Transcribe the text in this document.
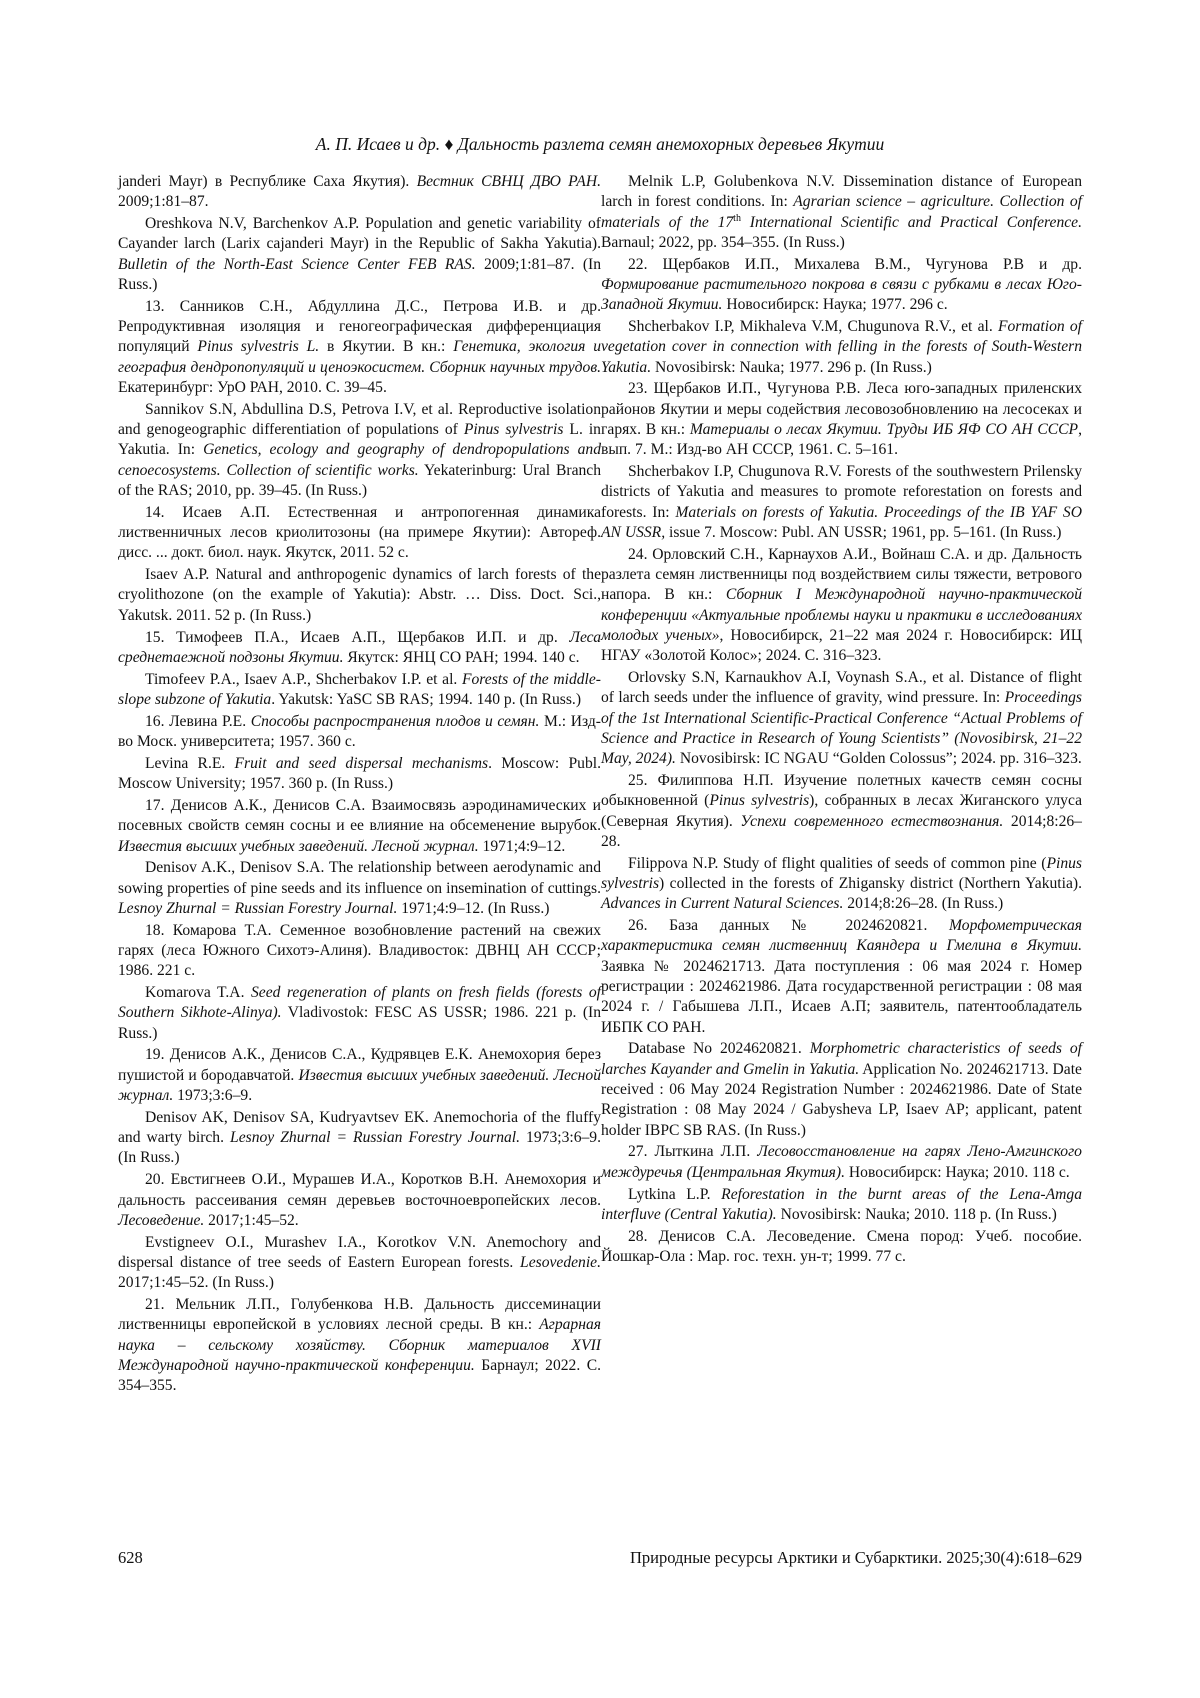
А. П. Исаев и др. ♦ Дальность разлета семян анемохорных деревьев Якутии

janderi Mayr) в Республике Саха Якутия). Вестник СВНЦ ДВО РАН. 2009;1:81–87.

Oreshkova N.V, Barchenkov A.P. Population and genetic variability of Cayander larch (Larix cajanderi Mayr) in the Republic of Sakha Yakutia). Bulletin of the North-East Science Center FEB RAS. 2009;1:81–87. (In Russ.)

13. Санников С.Н., Абдуллина Д.С., Петрова И.В. и др. Репродуктивная изоляция и геногеографическая дифференциация популяций Pinus sylvestris L. в Якутии. В кн.: Генетика, экология и география дендропопуляций и ценоэкосистем. Сборник научных трудов. Екатеринбург: УрО РАН, 2010. С. 39–45.

Sannikov S.N, Abdullina D.S, Petrova I.V, et al. Reproductive isolation and genogeographic differentiation of populations of Pinus sylvestris L. in Yakutia. In: Genetics, ecology and geography of dendropopulations and cenoecosystems. Collection of scientific works. Yekaterinburg: Ural Branch of the RAS; 2010, pp. 39–45. (In Russ.)

14. Исаев А.П. Естественная и антропогенная динамика лиственничных лесов криолитозоны (на примере Якутии): Автореф. дисс. ... докт. биол. наук. Якутск, 2011. 52 с.

Isaev A.P. Natural and anthropogenic dynamics of larch forests of the cryolithozone (on the example of Yakutia): Abstr. … Diss. Doct. Sci., Yakutsk. 2011. 52 p. (In Russ.)

15. Тимофеев П.А., Исаев А.П., Щербаков И.П. и др. Леса среднетаежной подзоны Якутии. Якутск: ЯНЦ СО РАН; 1994. 140 с.

Timofeev P.A., Isaev A.P., Shcherbakov I.P. et al. Forests of the middle-slope subzone of Yakutia. Yakutsk: YaSC SB RAS; 1994. 140 p. (In Russ.)

16. Левина Р.Е. Способы распространения плодов и семян. М.: Изд-во Моск. университета; 1957. 360 с.

Levina R.E. Fruit and seed dispersal mechanisms. Moscow: Publ. Moscow University; 1957. 360 p. (In Russ.)

17. Денисов А.К., Денисов С.А. Взаимосвязь аэродинамических и посевных свойств семян сосны и ее влияние на обсеменение вырубок. Известия высших учебных заведений. Лесной журнал. 1971;4:9–12.

Denisov A.K., Denisov S.A. The relationship between aerodynamic and sowing properties of pine seeds and its influence on insemination of cuttings. Lesnoy Zhurnal = Russian Forestry Journal. 1971;4:9–12. (In Russ.)

18. Комарова Т.А. Семенное возобновление растений на свежих гарях (леса Южного Сихотэ-Алиня). Владивосток: ДВНЦ АН СССР; 1986. 221 с.

Komarova T.A. Seed regeneration of plants on fresh fields (forests of Southern Sikhote-Alinya). Vladivostok: FESC AS USSR; 1986. 221 p. (In Russ.)

19. Денисов А.К., Денисов С.А., Кудрявцев Е.К. Анемохория берез пушистой и бородавчатой. Известия высших учебных заведений. Лесной журнал. 1973;3:6–9.

Denisov AK, Denisov SA, Kudryavtsev EK. Anemochoria of the fluffy and warty birch. Lesnoy Zhurnal = Russian Forestry Journal. 1973;3:6–9. (In Russ.)

20. Евстигнеев О.И., Мурашев И.А., Коротков В.Н. Анемохория и дальность рассеивания семян деревьев восточноевропейских лесов. Лесоведение. 2017;1:45–52.

Evstigneev O.I., Murashev I.A., Korotkov V.N. Anemochory and dispersal distance of tree seeds of Eastern European forests. Lesovedenie. 2017;1:45–52. (In Russ.)

21. Мельник Л.П., Голубенкова Н.В. Дальность диссеминации лиственницы европейской в условиях лесной среды. В кн.: Аграрная наука – сельскому хозяйству. Сборник материалов XVII Международной научно-практической конференции. Барнаул; 2022. С. 354–355.

Melnik L.P, Golubenkova N.V. Dissemination distance of European larch in forest conditions. In: Agrarian science – agriculture. Collection of materials of the 17th International Scientific and Practical Conference. Barnaul; 2022, pp. 354–355. (In Russ.)

22. Щербаков И.П., Михалева В.М., Чугунова Р.В и др. Формирование растительного покрова в связи с рубками в лесах Юго-Западной Якутии. Новосибирск: Наука; 1977. 296 с.

Shcherbakov I.P, Mikhaleva V.M, Chugunova R.V., et al. Formation of vegetation cover in connection with felling in the forests of South-Western Yakutia. Novosibirsk: Nauka; 1977. 296 p. (In Russ.)

23. Щербаков И.П., Чугунова Р.В. Леса юго-западных приленских районов Якутии и меры содействия лесовозобновлению на лесосеках и гарях. В кн.: Материалы о лесах Якутии. Труды ИБ ЯФ СО АН СССР, вып. 7. М.: Изд-во АН СССР, 1961. С. 5–161.

Shcherbakov I.P, Chugunova R.V. Forests of the southwestern Prilensky districts of Yakutia and measures to promote reforestation on forests and forests. In: Materials on forests of Yakutia. Proceedings of the IB YAF SO AN USSR, issue 7. Moscow: Publ. AN USSR; 1961, pp. 5–161. (In Russ.)

24. Орловский С.Н., Карнаухов А.И., Войнаш С.А. и др. Дальность разлета семян лиственницы под воздействием силы тяжести, ветрового напора. В кн.: Сборник I Международной научно-практической конференции «Актуальные проблемы науки и практики в исследованиях молодых ученых», Новосибирск, 21–22 мая 2024 г. Новосибирск: ИЦ НГАУ «Золотой Колос»; 2024. С. 316–323.

Orlovsky S.N, Karnaukhov A.I, Voynash S.A., et al. Distance of flight of larch seeds under the influence of gravity, wind pressure. In: Proceedings of the 1st International Scientific-Practical Conference “Actual Problems of Science and Practice in Research of Young Scientists” (Novosibirsk, 21–22 May, 2024). Novosibirsk: IC NGAU “Golden Colossus”; 2024. pp. 316–323.

25. Филиппова Н.П. Изучение полетных качеств семян сосны обыкновенной (Pinus sylvestris), собранных в лесах Жиганского улуса (Северная Якутия). Успехи современного естествознания. 2014;8:26–28.

Filippova N.P. Study of flight qualities of seeds of common pine (Pinus sylvestris) collected in the forests of Zhigansky district (Northern Yakutia). Advances in Current Natural Sciences. 2014;8:26–28. (In Russ.)

26. База данных № 2024620821. Морфометрическая характеристика семян лиственниц Каяндера и Гмелина в Якутии. Заявка № 2024621713. Дата поступления : 06 мая 2024 г. Номер регистрации : 2024621986. Дата государственной регистрации : 08 мая 2024 г. / Габышева Л.П., Исаев А.П; заявитель, патентообладатель ИБПК СО РАН.

Database No 2024620821. Morphometric characteristics of seeds of larches Kayander and Gmelin in Yakutia. Application No. 2024621713. Date received : 06 May 2024 Registration Number : 2024621986. Date of State Registration : 08 May 2024 / Gabysheva LP, Isaev AP; applicant, patent holder IBPC SB RAS. (In Russ.)

27. Лыткина Л.П. Лесовосстановление на гарях Лено-Амгинского междуречья (Центральная Якутия). Новосибирск: Наука; 2010. 118 с.

Lytkina L.P. Reforestation in the burnt areas of the Lena-Amga interfluve (Central Yakutia). Novosibirsk: Nauka; 2010. 118 p. (In Russ.)

28. Денисов С.А. Лесоведение. Смена пород: Учеб. пособие. Йошкар-Ола : Мар. гос. техн. ун-т; 1999. 77 с.

628	Природные ресурсы Арктики и Субарктики. 2025;30(4):618–629
